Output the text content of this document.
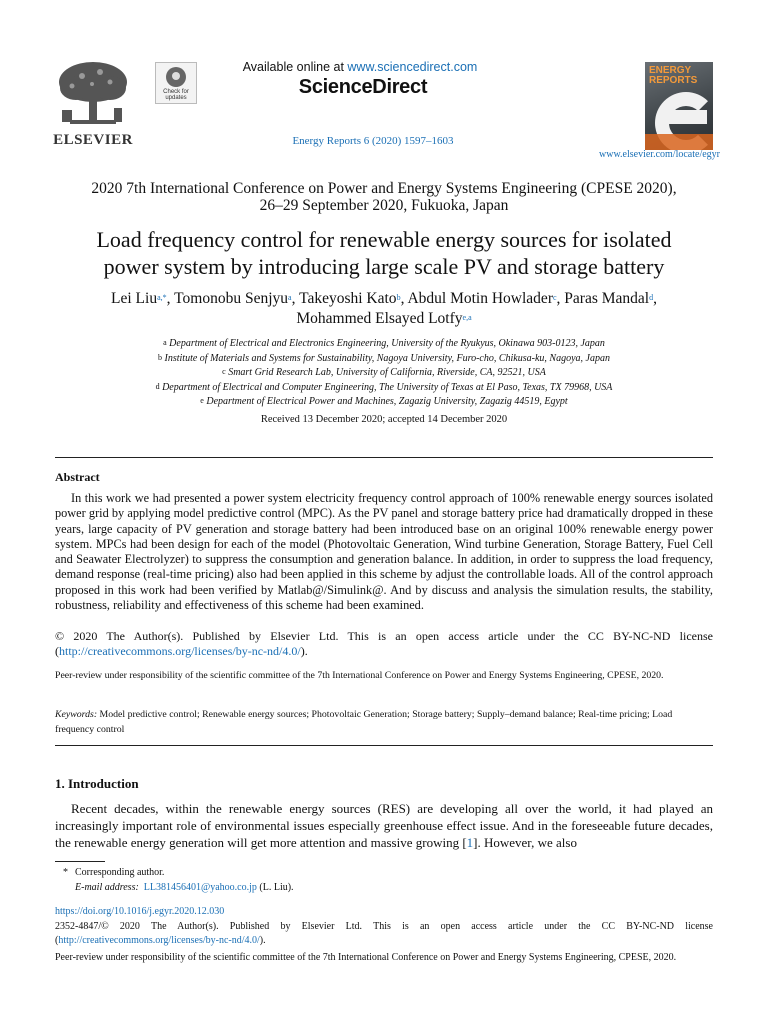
ELSEVIER
Check for updates
Available online at www.sciencedirect.com
ScienceDirect
Energy Reports 6 (2020) 1597–1603
ENERGY REPORTS
www.elsevier.com/locate/egyr
2020 7th International Conference on Power and Energy Systems Engineering (CPESE 2020),
26–29 September 2020, Fukuoka, Japan
Load frequency control for renewable energy sources for isolated
power system by introducing large scale PV and storage battery
Lei Liu$^{a,*}$, Tomonobu Senjyu$^a$, Takeyoshi Kato$^b$, Abdul Motin Howlader$^c$, Paras Mandal$^d$,
Mohammed Elsayed Lotfy$^{e,a}$
$^a$ Department of Electrical and Electronics Engineering, University of the Ryukyus, Okinawa 903-0123, Japan
$^b$ Institute of Materials and Systems for Sustainability, Nagoya University, Furo-cho, Chikusa-ku, Nagoya, Japan
$^c$ Smart Grid Research Lab, University of California, Riverside, CA, 92521, USA
$^d$ Department of Electrical and Computer Engineering, The University of Texas at El Paso, Texas, TX 79968, USA
$^e$ Department of Electrical Power and Machines, Zagazig University, Zagazig 44519, Egypt
Received 13 December 2020; accepted 14 December 2020
Abstract

In this work we had presented a power system electricity frequency control approach of 100% renewable energy sources isolated power grid by applying model predictive control (MPC). As the PV panel and storage battery price had dramatically dropped in these years, large capacity of PV generation and storage battery had been introduced base on an original 100% renewable energy power system. MPCs had been design for each of the model (Photovoltaic Generation, Wind turbine Generation, Storage Battery, Fuel Cell and Seawater Electrolyzer) to suppress the consumption and generation balance. In addition, in order to suppress the load frequency, demand response (real-time pricing) also had been applied in this scheme by adjust the controllable loads. All of the control approach proposed in this work had been verified by Matlab@/Simulink@. And by discuss and analysis the simulation results, the stability, robustness, reliability and effectiveness of this scheme had been examined.

© 2020 The Author(s). Published by Elsevier Ltd. This is an open access article under the CC BY-NC-ND license (http://creativecommons.org/licenses/by-nc-nd/4.0/).
Peer-review under responsibility of the scientific committee of the 7th International Conference on Power and Energy Systems Engineering, CPESE, 2020.
Keywords: Model predictive control; Renewable energy sources; Photovoltaic Generation; Storage battery; Supply–demand balance; Real-time pricing; Load frequency control
1. Introduction

Recent decades, within the renewable energy sources (RES) are developing all over the world, it had played an increasingly important role of environmental issues especially greenhouse effect issue. And in the foreseeable future decades, the renewable energy generation will get more attention and massive growing [1]. However, we also

* Corresponding author.
E-mail address: LL381456401@yahoo.co.jp (L. Liu).
https://doi.org/10.1016/j.egyr.2020.12.030
2352-4847/© 2020 The Author(s). Published by Elsevier Ltd. This is an open access article under the CC BY-NC-ND license (http://creativecommons.org/licenses/by-nc-nd/4.0/).
Peer-review under responsibility of the scientific committee of the 7th International Conference on Power and Energy Systems Engineering, CPESE, 2020.
